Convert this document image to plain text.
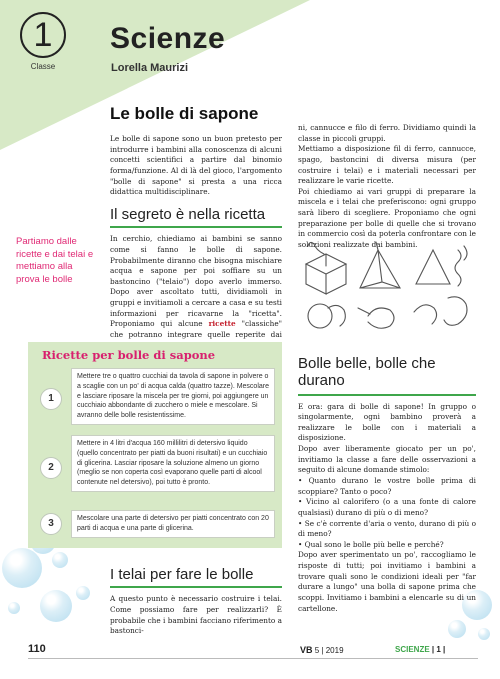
1
Classe
Scienze
Lorella Maurizi
Le bolle di sapone
Le bolle di sapone sono un buon pretesto per introdurre i bambini alla conoscenza di alcuni concetti scientifici a partire dal binomio forma/funzione. Al di là del gioco, l'argomento "bolle di sapone" si presta a una ricca didattica multidisciplinare.
Il segreto è nella ricetta
In cerchio, chiediamo ai bambini se sanno come si fanno le bolle di sapone. Probabilmente diranno che bisogna mischiare acqua e sapone per poi soffiare su un bastoncino ("telaio") dopo averlo immerso. Dopo aver ascoltato tutti, dividiamoli in gruppi e invitiamoli a cercare a casa e su testi informazioni per ricavarne la "ricetta". Proponiamo qui alcune ricette "classiche" che potranno integrare quelle reperite dai
Partiamo dalle ricette e dai telai e mettiamo alla prova le bolle
Ricette per bolle di sapone
1
Mettere tre o quattro cucchiai da tavola di sapone in polvere o a scaglie con un po' di acqua calda (quattro tazze). Mescolare e lasciare riposare la miscela per tre giorni, poi aggiungere un cucchiaio abbondante di zucchero o miele e mescolare. Si avranno delle bolle resistentissime.
2
Mettere in 4 litri d'acqua 160 millilitri di detersivo liquido (quello concentrato per piatti da buoni risultati) e un cucchiaio di glicerina. Lasciar riposare la soluzione almeno un giorno (meglio se non coperta così evaporano quelle parti di alcool contenute nel detersivo), poi tutto è pronto.
3	Mescolare una parte di detersivo per piatti concentrato con 20 parti di acqua e una parte di glicerina.
I telai per fare le bolle
A questo punto è necessario costruire i telai. Come possiamo fare per realizzarli? È probabile che i bambini facciano riferimento a bastonci-

ni, cannucce e filo di ferro. Dividiamo quindi la classe in piccoli gruppi.
Mettiamo a disposizione fil di ferro, cannucce, spago, bastoncini di diversa misura (per costruire i telai) e i materiali necessari per realizzare le varie ricette.
Poi chiediamo ai vari gruppi di preparare la miscela e i telai che preferiscono: ogni gruppo sarà libero di scegliere. Proponiamo che ogni preparazione per bolle di quelle che si trovano in commercio così da poterla confrontare con le soluzioni realizzate dai bambini.

Bolle belle, bolle che durano
E ora: gara di bolle di sapone! In gruppo o singolarmente, ogni bambino proverà a realizzare le bolle con i materiali a disposizione.
Dopo aver liberamente giocato per un po', invitiamo la classe a fare delle osservazioni a seguito di alcune domande stimolo:
• Quanto durano le vostre bolle prima di scoppiare? Tanto o poco?
• Vicino al calorifero (o a una fonte di calore qualsiasi) durano di più o di meno?
• Se c'è corrente d'aria o vento, durano di più o di meno?
• Qual sono le bolle più belle e perché?
Dopo aver sperimentato un po', raccogliamo le risposte di tutti; poi invitiamo i bambini a trovare quali sono le condizioni ideali per "far durare a lungo" una bolla di sapone prima che scoppi. Invitiamo i bambini a elencarle su di un cartellone.
110	VB 5 | 2019	SCIENZE | 1 |
